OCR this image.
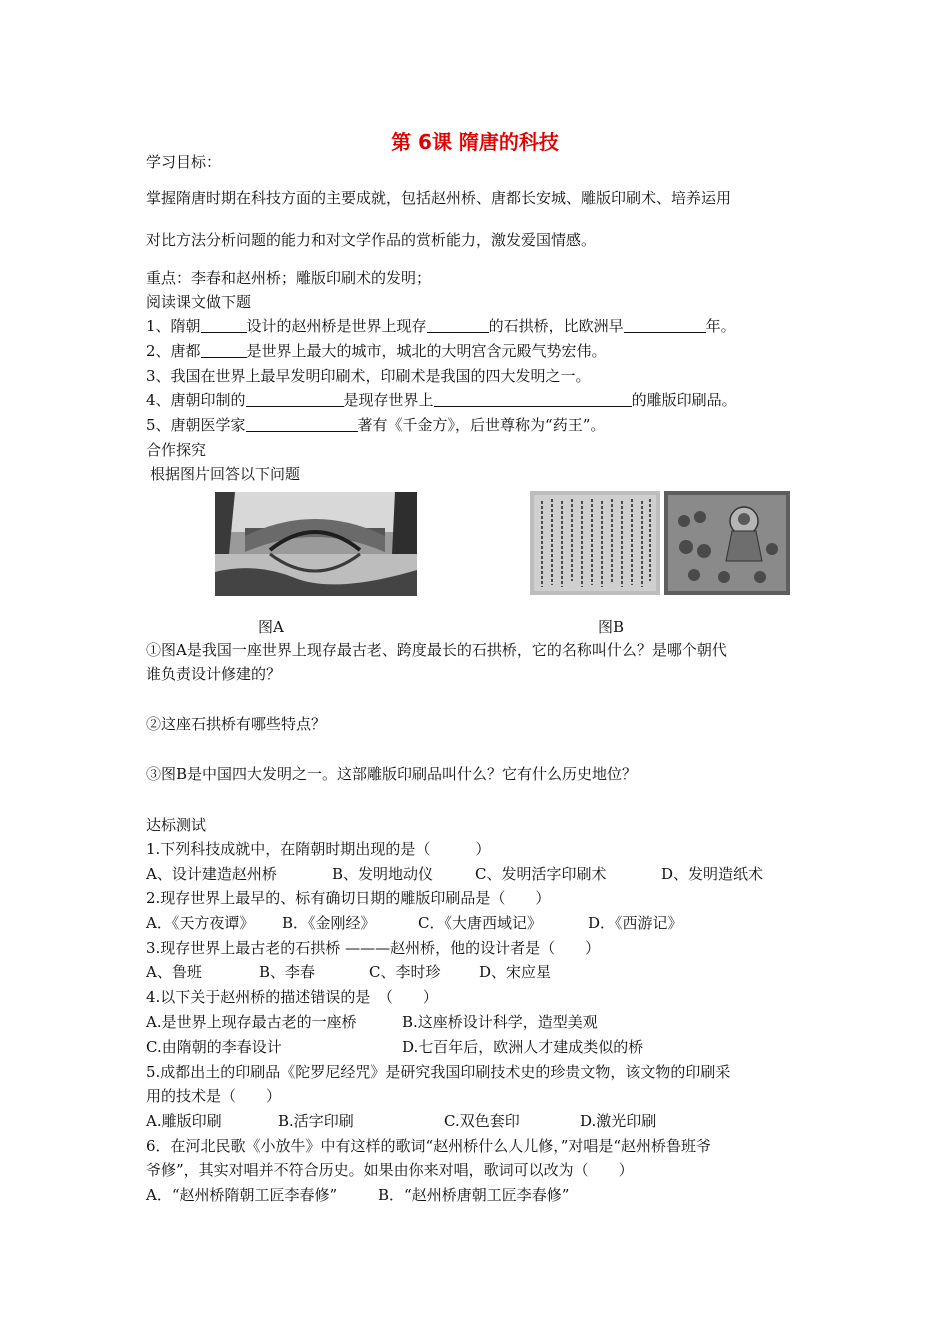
第 6课 隋唐的科技
学习目标：
掌握隋唐时期在科技方面的主要成就，包括赵州桥、唐都长安城、雕版印刷术、培养运用
对比方法分析问题的能力和对文学作品的赏析能力，激发爱国情感。
重点：李春和赵州桥；雕版印刷术的发明；
阅读课文做下题
1、隋朝	设计的赵州桥是世界上现存	的石拱桥，比欧洲早	年。
2、唐都	是世界上最大的城市，城北的大明宫含元殿气势宏伟。
3、我国在世界上最早发明印刷术，印刷术是我国的四大发明之一。
4、唐朝印制的	是现存世界上	的雕版印刷品。
5、唐朝医学家	著有《千金方》，后世尊称为“药王”。
合作探究
根据图片回答以下问题
图A	图B
①图A是我国一座世界上现存最古老、跨度最长的石拱桥，它的名称叫什么？是哪个朝代
谁负责设计修建的？
②这座石拱桥有哪些特点？
③图B是中国四大发明之一。这部雕版印刷品叫什么？它有什么历史地位？
达标测试
1.下列科技成就中，在隋朝时期出现的是（　　　）
A、设计建造赵州桥	B、发明地动仪	C、发明活字印刷术	D、发明造纸术
2.现存世界上最早的、标有确切日期的雕版印刷品是（　　）
A．《天方夜谭》 B．《金刚经》	C．《大唐西域记》	D．《西游记》
3.现存世界上最古老的石拱桥 ———赵州桥，他的设计者是（　　）
A、鲁班	B、李春	C、李时珍	D、宋应星
4.以下关于赵州桥的描述错误的是　（　　）
A.是世界上现存最古老的一座桥	B.这座桥设计科学，造型美观
C.由隋朝的李春设计	D.七百年后，欧洲人才建成类似的桥
5.成都出土的印刷品《陀罗尼经咒》是研究我国印刷技术史的珍贵文物，该文物的印刷采
用的技术是（　　）
A.雕版印刷	B.活字印刷	C.双色套印	D.激光印刷
6．在河北民歌《小放牛》中有这样的歌词“赵州桥什么人儿修，”对唱是“赵州桥鲁班爷
爷修”，其实对唱并不符合历史。如果由你来对唱，歌词可以改为（　　）
A．“赵州桥隋朝工匠李春修”	B．“赵州桥唐朝工匠李春修”
